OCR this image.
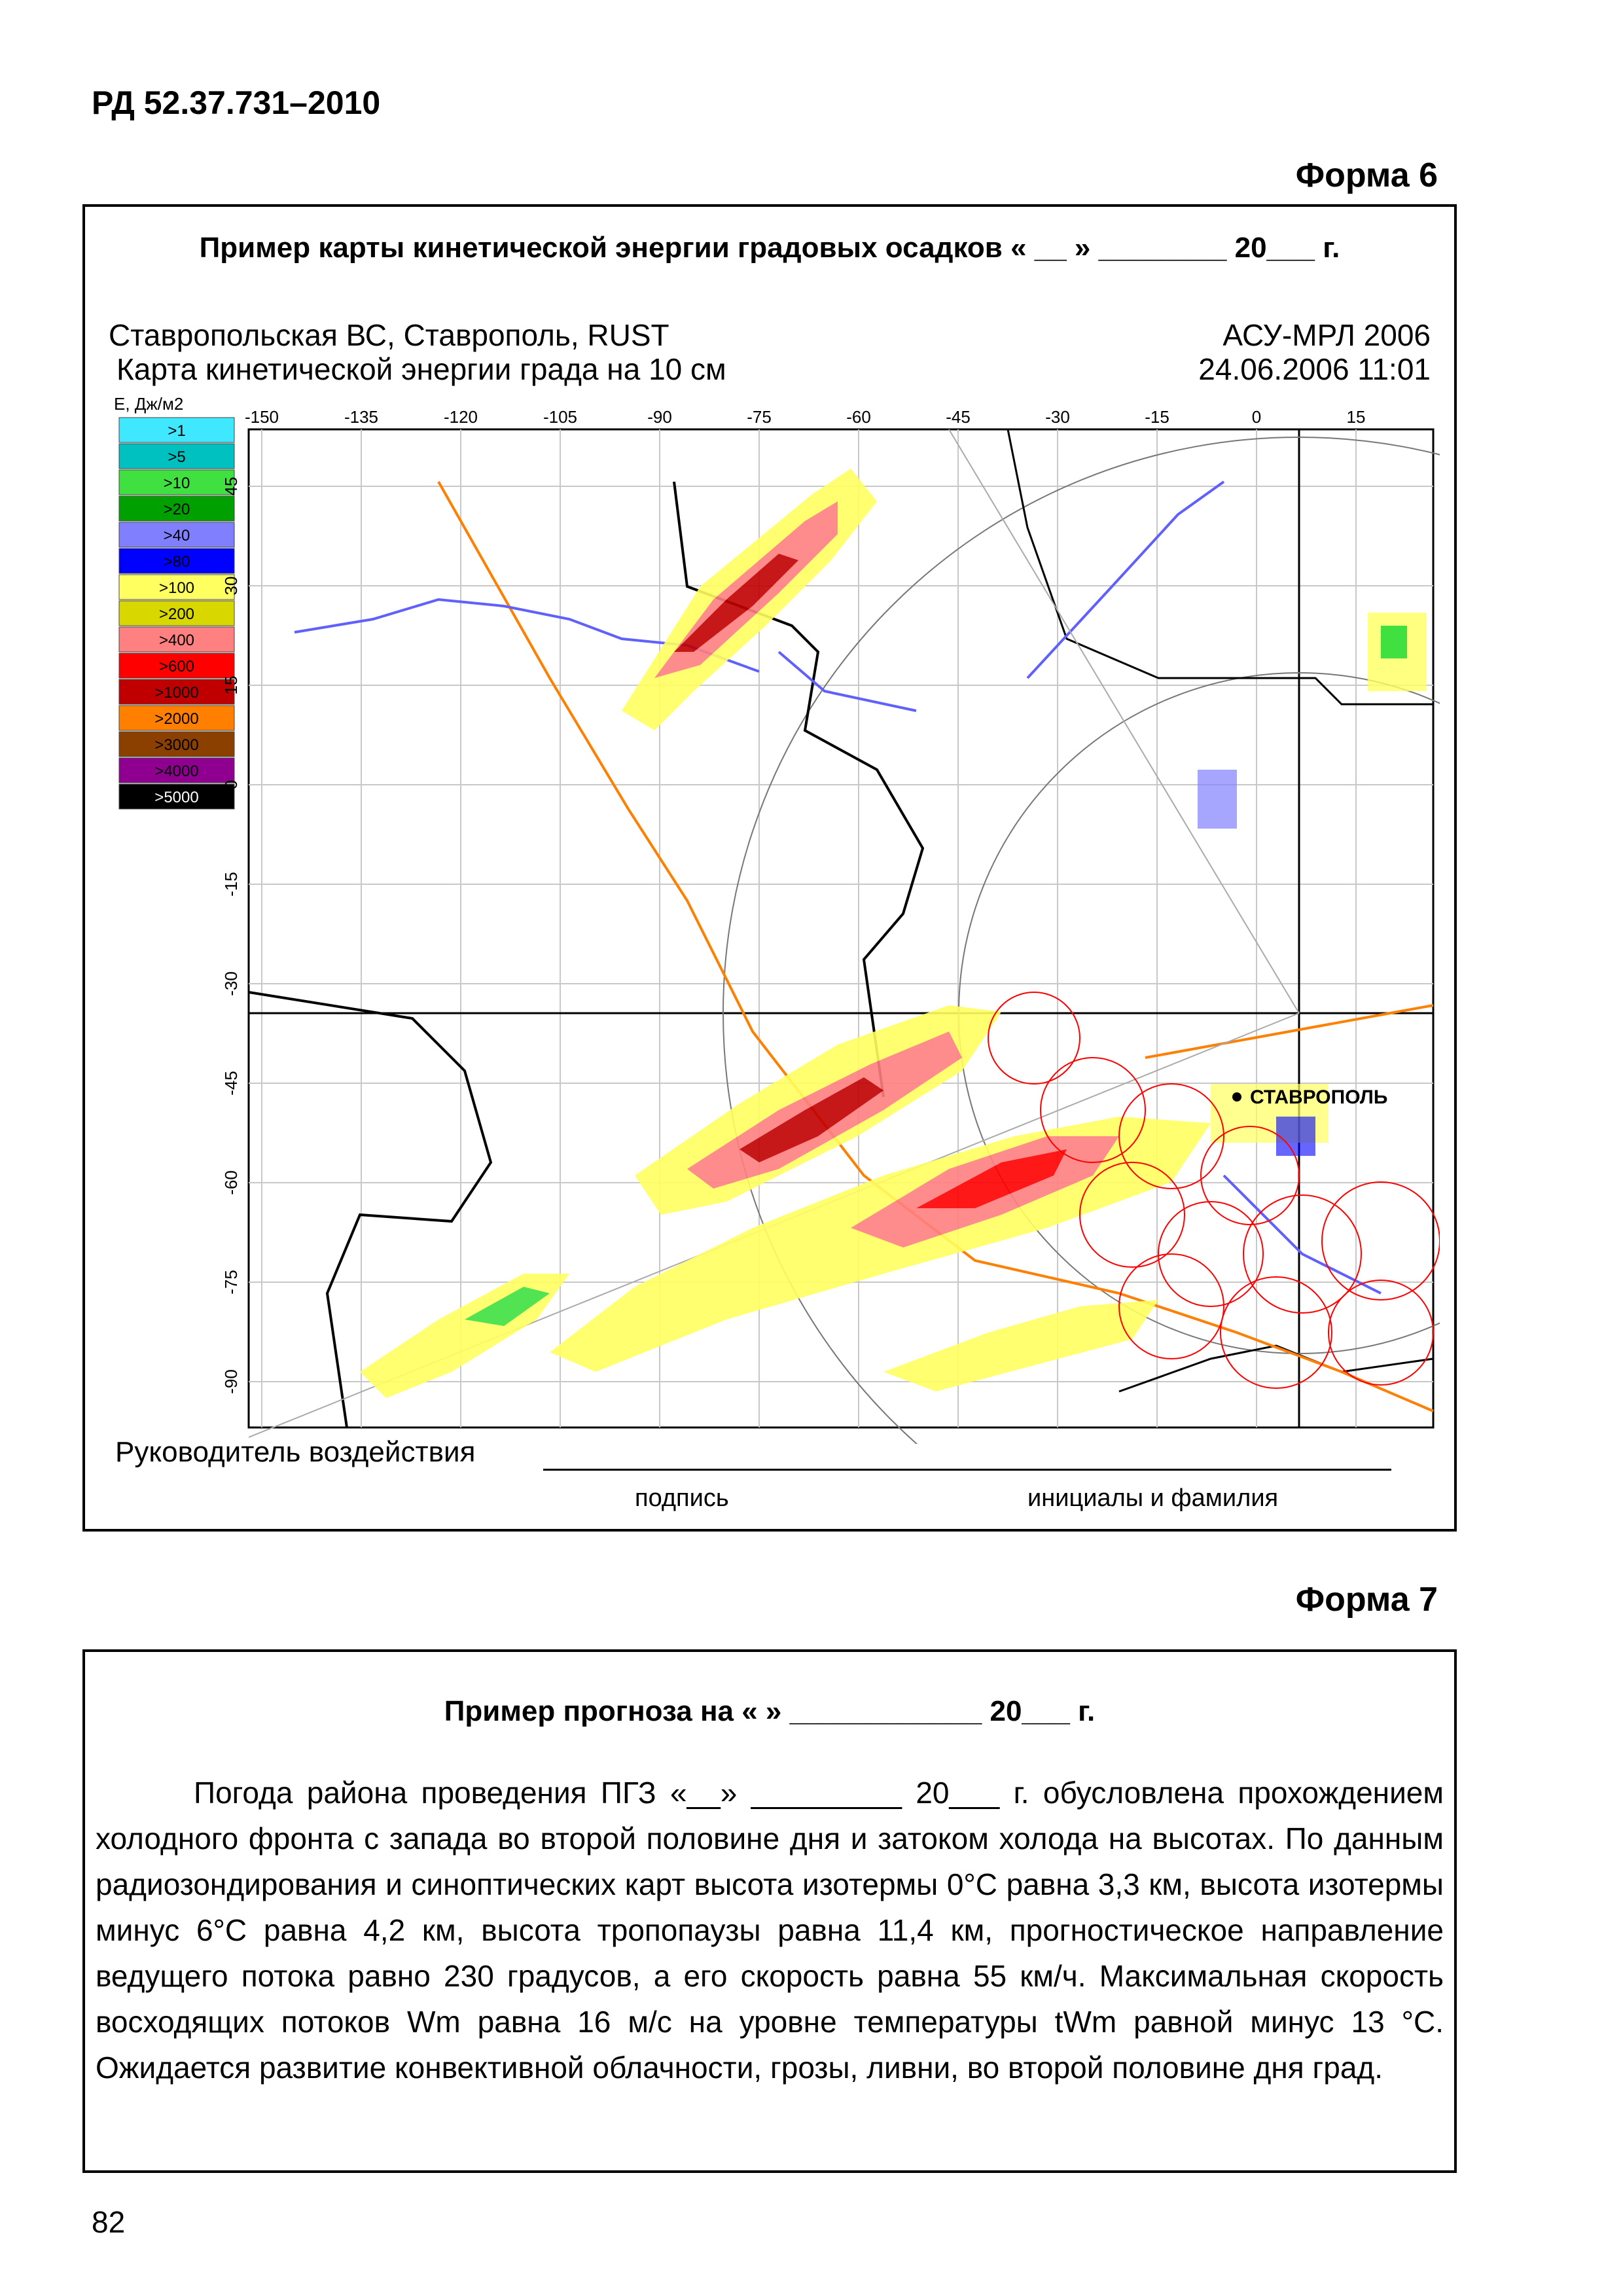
РД 52.37.731–2010
Форма 6
Пример карты кинетической энергии градовых осадков « __ » ________ 20___ г.
Ставропольская ВС, Ставрополь, RUST
Карта кинетической энергии града на 10 см
АСУ-МРЛ 2006
24.06.2006 11:01
E, Дж/м2
СТАВРОПОЛЬ
>1
>5
>10
>20
>40
>80
>100
>200
>400
>600
>1000
>2000
>3000
>4000
>5000
-150	-135	-120	-105	-90	-75	-60	-45	-30	-15	0	15
45
30
15
0
-15
-30
-45
-60
-75
-90
Руководитель воздействия
подпись	инициалы и фамилия
Форма 7
Пример прогноза на « » ____________ 20___ г.

Погода района проведения ПГЗ «__» _________ 20___ г. обусловлена прохождением холодного фронта с запада во второй половине дня и затоком холода на высотах. По данным радиозондирования и синоптических карт высота изотермы 0°С равна 3,3 км, высота изотермы минус 6°С равна 4,2 км, высота тропопаузы равна 11,4 км, прогностическое направление ведущего потока равно 230 градусов, а его скорость равна 55 км/ч. Максимальная скорость восходящих потоков Wm равна 16 м/с на уровне температуры tWm равной минус 13 °С. Ожидается развитие конвективной облачности, грозы, ливни, во второй половине дня град.

82
